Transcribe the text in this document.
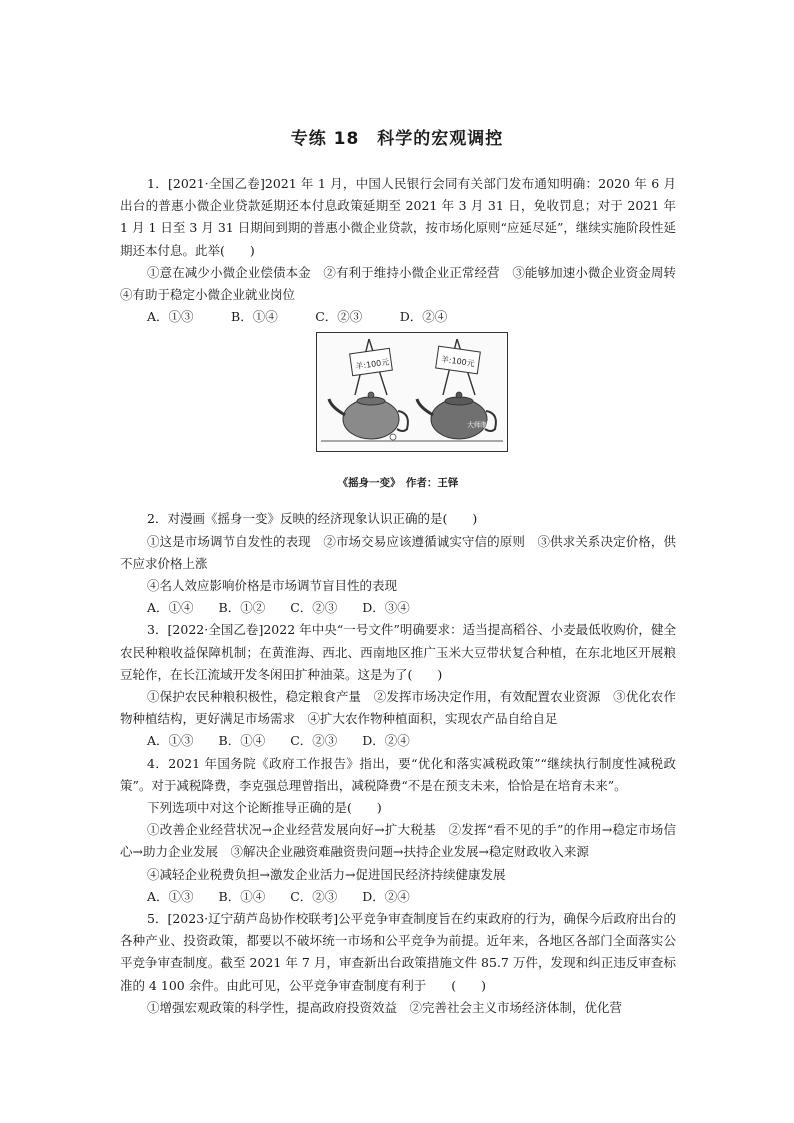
专练 18　科学的宏观调控

1．[2021·全国乙卷]2021 年 1 月，中国人民银行会同有关部门发布通知明确：2020 年 6 月出台的普惠小微企业贷款延期还本付息政策延期至 2021 年 3 月 31 日，免收罚息；对于 2021 年 1 月 1 日至 3 月 31 日期间到期的普惠小微企业贷款，按市场化原则“应延尽延”，继续实施阶段性延期还本付息。此举(　　)

①意在减少小微企业偿债本金　②有利于维持小微企业正常经营　③能够加速小微企业资金周转　④有助于稳定小微企业就业岗位

A．①③　　　B．①④　　　C．②③　　　D．②④

羊:100元	羊:100元
大师制
《摇身一变》　作者：王铎

2．对漫画《摇身一变》反映的经济现象认识正确的是(　　)

①这是市场调节自发性的表现　②市场交易应该遵循诚实守信的原则　③供求关系决定价格，供不应求价格上涨

④名人效应影响价格是市场调节盲目性的表现

A．①④　　B．①②　　C．②③　　D．③④

3．[2022·全国乙卷]2022 年中央“一号文件”明确要求：适当提高稻谷、小麦最低收购价，健全农民种粮收益保障机制；在黄淮海、西北、西南地区推广玉米大豆带状复合种植，在东北地区开展粮豆轮作，在长江流域开发冬闲田扩种油菜。这是为了(　　)

①保护农民种粮积极性，稳定粮食产量　②发挥市场决定作用，有效配置农业资源　③优化农作物种植结构，更好满足市场需求　④扩大农作物种植面积，实现农产品自给自足

A．①③　　B．①④　　C．②③　　D．②④

4．2021 年国务院《政府工作报告》指出，要“优化和落实减税政策”“继续执行制度性减税政策”。对于减税降费，李克强总理曾指出，减税降费“不是在预支未来，恰恰是在培育未来”。

下列选项中对这个论断推导正确的是(　　)

①改善企业经营状况→企业经营发展向好→扩大税基　②发挥“看不见的手”的作用→稳定市场信心→助力企业发展　③解决企业融资难融资贵问题→扶持企业发展→稳定财政收入来源

④减轻企业税费负担→激发企业活力→促进国民经济持续健康发展

A．①③　　B．①④　　C．②③　　D．②④

5．[2023·辽宁葫芦岛协作校联考]公平竞争审查制度旨在约束政府的行为，确保今后政府出台的各种产业、投资政策，都要以不破坏统一市场和公平竞争为前提。近年来，各地区各部门全面落实公平竞争审查制度。截至 2021 年 7 月，审查新出台政策措施文件 85.7 万件，发现和纠正违反审查标准的 4 100 余件。由此可见，公平竞争审查制度有利于　　(　　)

①增强宏观政策的科学性，提高政府投资效益　②完善社会主义市场经济体制，优化营
